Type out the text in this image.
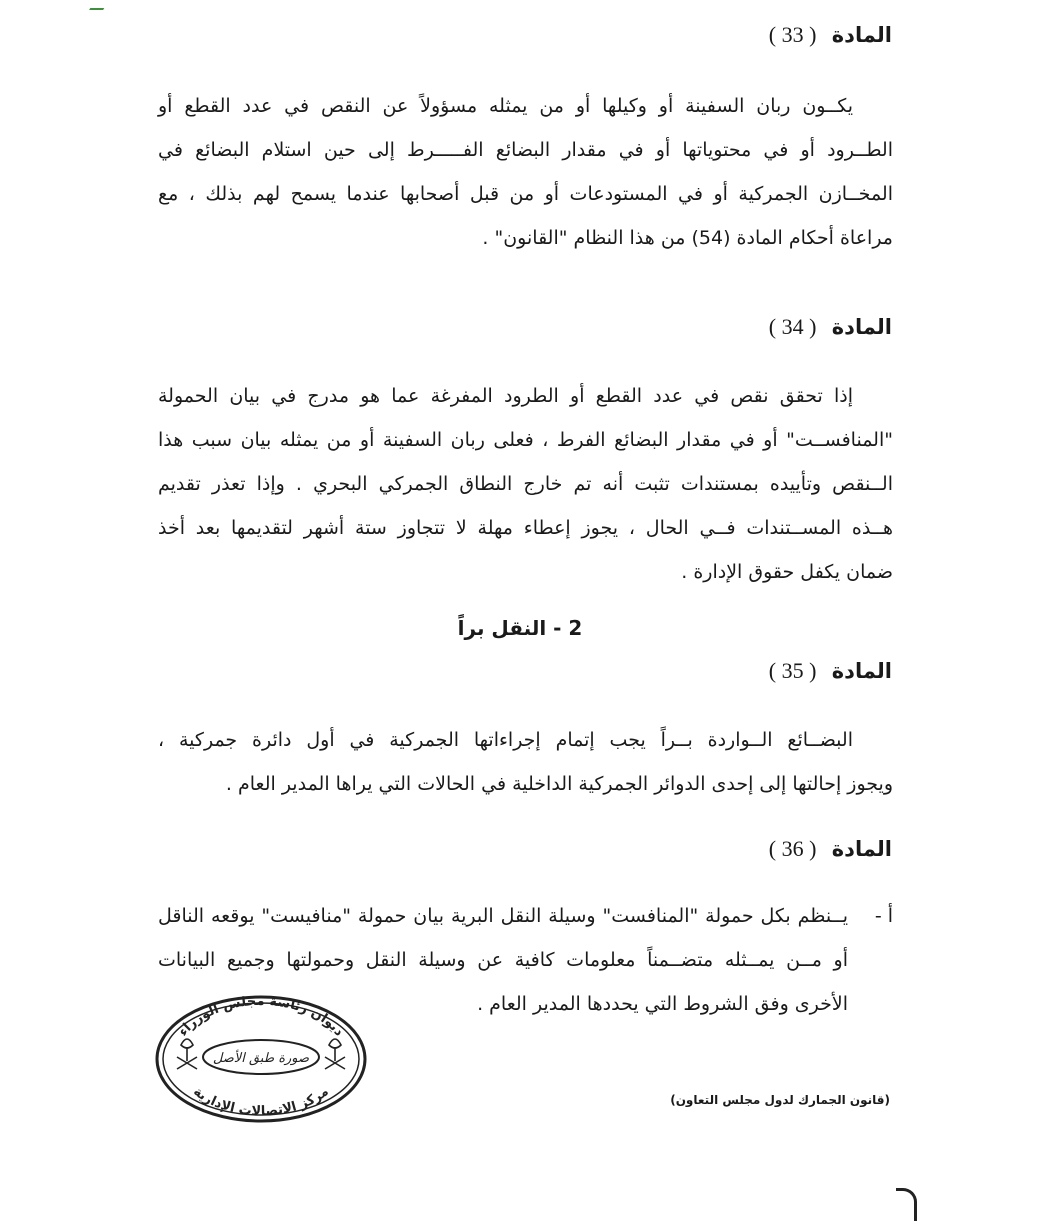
المادة ( 33 )
يكــون ربان السفينة أو وكيلها أو من يمثله مسؤولاً عن النقص في عدد القطع أو
الطــرود أو في محتوياتها أو في مقدار البضائع الفـــــرط إلى حين استلام البضائع في
المخــازن الجمركية أو في المستودعات أو من قبل أصحابها عندما يسمح لهم بذلك ، مع
مراعاة أحكام المادة (54) من هذا النظام "القانون" .
المادة ( 34 )
إذا تحقق نقص في عدد القطع أو الطرود المفرغة عما هو مدرج في بيان الحمولة
"المنافســت" أو في مقدار البضائع الفرط ، فعلى ربان السفينة أو من يمثله بيان سبب هذا
الــنقص وتأييده بمستندات تثبت أنه تم خارج النطاق الجمركي البحري . وإذا تعذر تقديم
هــذه المســتندات فــي الحال ، يجوز إعطاء مهلة لا تتجاوز ستة أشهر لتقديمها بعد أخذ
ضمان يكفل حقوق الإدارة .
2 - النقل براً
المادة ( 35 )
البضــائع الــواردة بــراً يجب إتمام إجراءاتها الجمركية في أول دائرة جمركية ،
ويجوز إحالتها إلى إحدى الدوائر الجمركية الداخلية في الحالات التي يراها المدير العام .
المادة ( 36 )
أ -
يــنظم بكل حمولة "المنافست" وسيلة النقل البرية بيان حمولة "منافيست" يوقعه الناقل
أو مــن يمــثله متضــمناً معلومات كافية عن وسيلة النقل وحمولتها وجميع البيانات
الأخرى وفق الشروط التي يحددها المدير العام .
ديوان رئاسة مجلس الوزراء
مركز الاتصالات الإدارية
صورة طبق الأصل
(قانون الجمارك لدول مجلس التعاون)
